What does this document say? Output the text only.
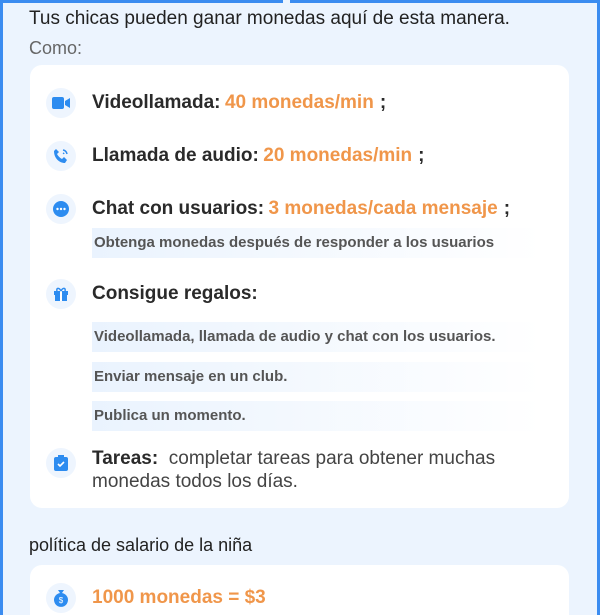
Tus chicas pueden ganar monedas aquí de esta manera.
Como:
Videollamada:
40 monedas/min ;
Llamada de audio:
20 monedas/min ;
Chat con usuarios:
3 monedas/cada mensaje ;
Obtenga monedas después de responder a los usuarios
Consigue regalos:
Videollamada, llamada de audio y chat con los usuarios.
Enviar mensaje en un club.
Publica un momento.
Tareas: completar tareas para obtener muchas monedas todos los días.
política de salario de la niña
$ 1000 monedas = $3
